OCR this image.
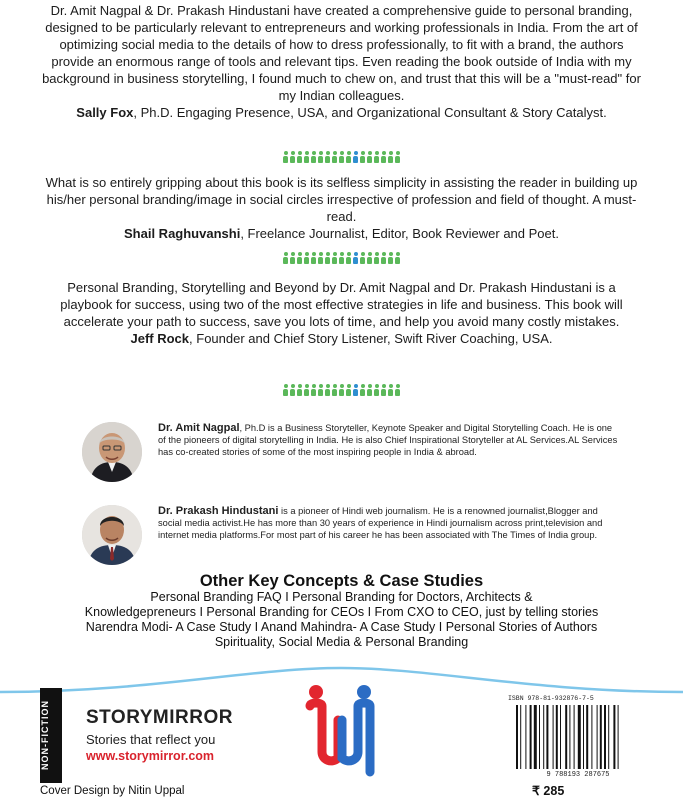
Dr. Amit Nagpal & Dr. Prakash Hindustani have created a comprehensive guide to personal branding, designed to be particularly relevant to entrepreneurs and working professionals in India. From the art of optimizing social media to the details of how to dress professionally, to fit with a brand, the authors provide an enormous range of tools and relevant tips. Even reading the book outside of India with my background in business storytelling, I found much to chew on, and trust that this will be a "must-read" for my Indian colleagues.

Sally Fox, Ph.D. Engaging Presence, USA, and Organizational Consultant & Story Catalyst.

What is so entirely gripping about this book is its selfless simplicity in assisting the reader in building up his/her personal branding/image in social circles irrespective of profession and field of thought. A must-read.

Shail Raghuvanshi, Freelance Journalist, Editor, Book Reviewer and Poet.

Personal Branding, Storytelling and Beyond by Dr. Amit Nagpal and Dr. Prakash Hindustani is a playbook for success, using two of the most effective strategies in life and business. This book will accelerate your path to success, save you lots of time, and help you avoid many costly mistakes.

Jeff Rock, Founder and Chief Story Listener, Swift River Coaching, USA.

Dr. Amit Nagpal, Ph.D is a Business Storyteller, Keynote Speaker and Digital Storytelling Coach. He is one of the pioneers of digital storytelling in India. He is also Chief Inspirational Storyteller at AL Services.AL Services has co-created stories of some of the most inspiring people in India & abroad.
Dr. Prakash Hindustani is a pioneer of Hindi web journalism. He is a renowned journalist,Blogger and social media activist.He has more than 30 years of experience in Hindi journalism across print,television and internet media platforms.For most part of his career he has been associated with The Times of India group.
Other Key Concepts & Case Studies
Personal Branding FAQ I Personal Branding for Doctors, Architects &
Knowledgepreneurs I Personal Branding for CEOs I From CXO to CEO, just by telling stories
Narendra Modi- A Case Study I Anand Mahindra- A Case Study I Personal Stories of Authors
Spirituality, Social Media & Personal Branding
NON-FICTION	STORYMIRROR
Stories that reflect you
www.storymirror.com
ISBN 978-81-932876-7-5
9 788193 287675
Cover Design by Nitin Uppal	₹ 285
